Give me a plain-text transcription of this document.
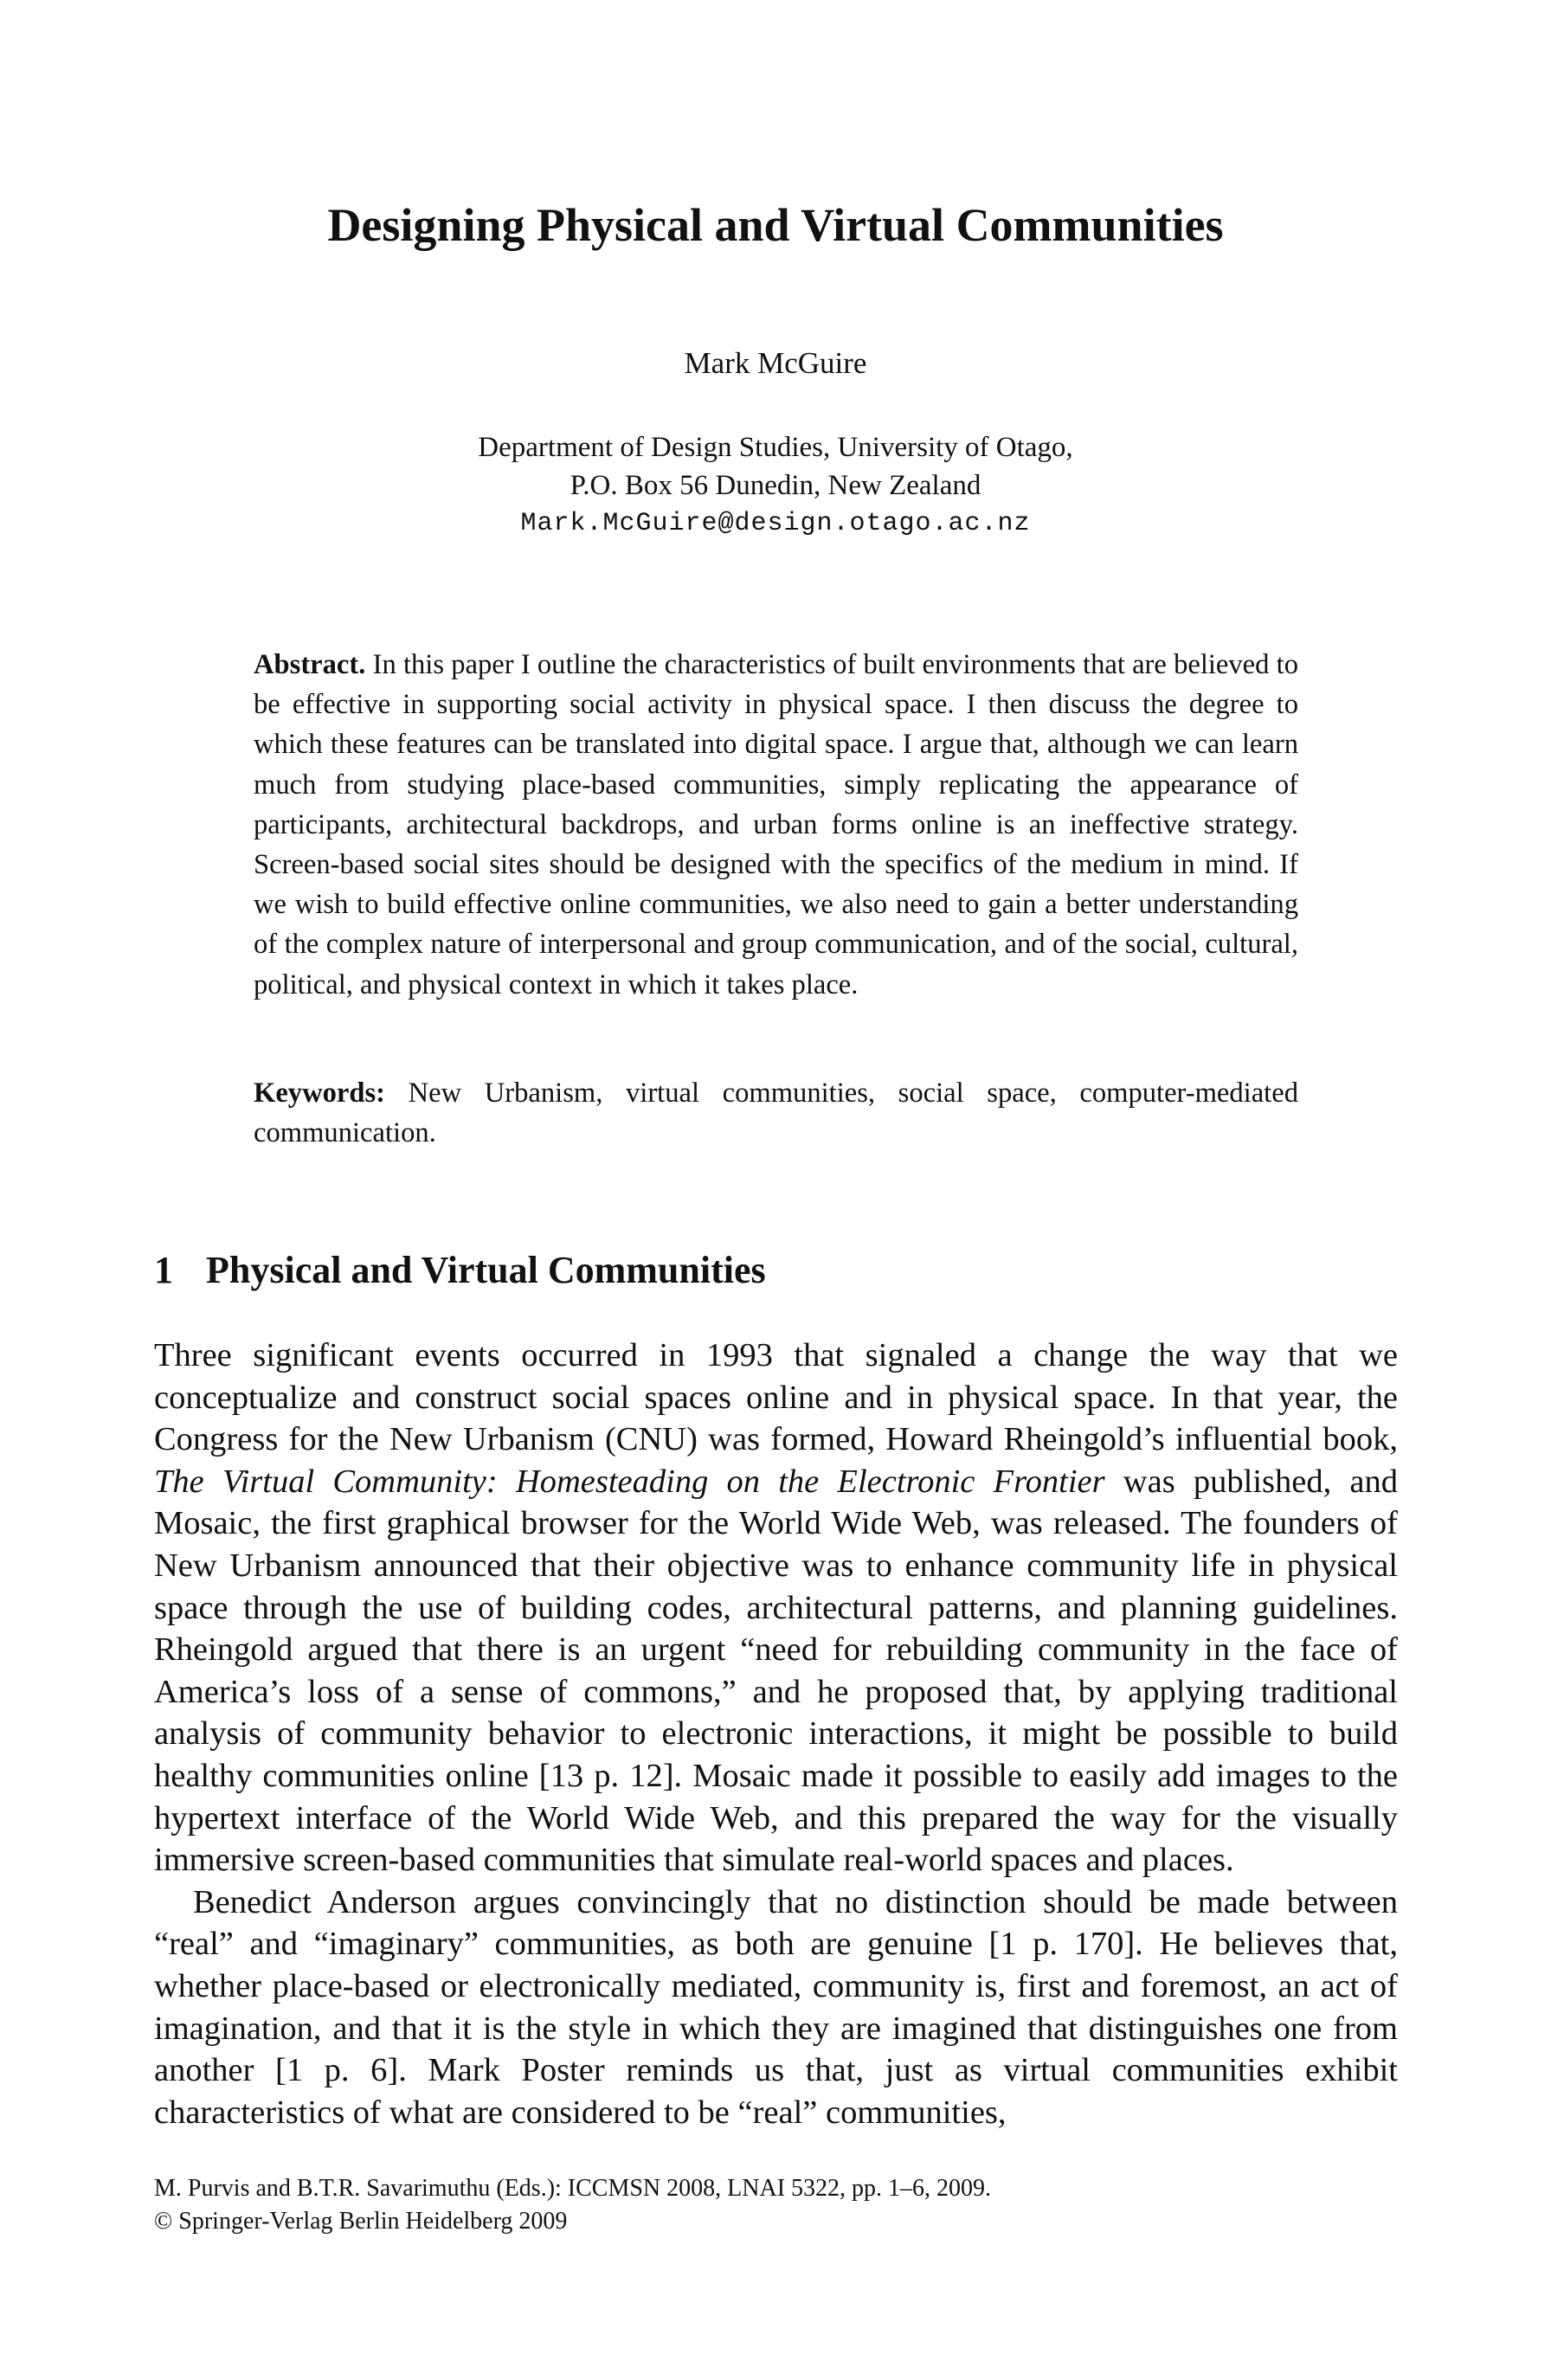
Designing Physical and Virtual Communities
Mark McGuire
Department of Design Studies, University of Otago,
P.O. Box 56 Dunedin, New Zealand
Mark.McGuire@design.otago.ac.nz

Abstract. In this paper I outline the characteristics of built environments that are believed to be effective in supporting social activity in physical space. I then discuss the degree to which these features can be translated into digital space. I argue that, although we can learn much from studying place-based communities, simply replicating the appearance of participants, architectural backdrops, and urban forms online is an ineffective strategy. Screen-based social sites should be designed with the specifics of the medium in mind. If we wish to build effective online communities, we also need to gain a better understanding of the complex nature of interpersonal and group communication, and of the social, cultural, political, and physical context in which it takes place.

Keywords: New Urbanism, virtual communities, social space, computer-mediated communication.

1 Physical and Virtual Communities

Three significant events occurred in 1993 that signaled a change the way that we conceptualize and construct social spaces online and in physical space. In that year, the Congress for the New Urbanism (CNU) was formed, Howard Rheingold’s influential book, The Virtual Community: Homesteading on the Electronic Frontier was published, and Mosaic, the first graphical browser for the World Wide Web, was released. The founders of New Urbanism announced that their objective was to enhance community life in physical space through the use of building codes, architectural patterns, and planning guidelines. Rheingold argued that there is an urgent “need for rebuilding community in the face of America’s loss of a sense of commons,” and he proposed that, by applying traditional analysis of community behavior to electronic interactions, it might be possible to build healthy communities online [13 p. 12]. Mosaic made it possible to easily add images to the hypertext interface of the World Wide Web, and this prepared the way for the visually immersive screen-based communities that simulate real-world spaces and places.

Benedict Anderson argues convincingly that no distinction should be made between “real” and “imaginary” communities, as both are genuine [1 p. 170]. He believes that, whether place-based or electronically mediated, community is, first and foremost, an act of imagination, and that it is the style in which they are imagined that distinguishes one from another [1 p. 6]. Mark Poster reminds us that, just as virtual communities exhibit characteristics of what are considered to be “real” communities,

M. Purvis and B.T.R. Savarimuthu (Eds.): ICCMSN 2008, LNAI 5322, pp. 1–6, 2009.
© Springer-Verlag Berlin Heidelberg 2009
